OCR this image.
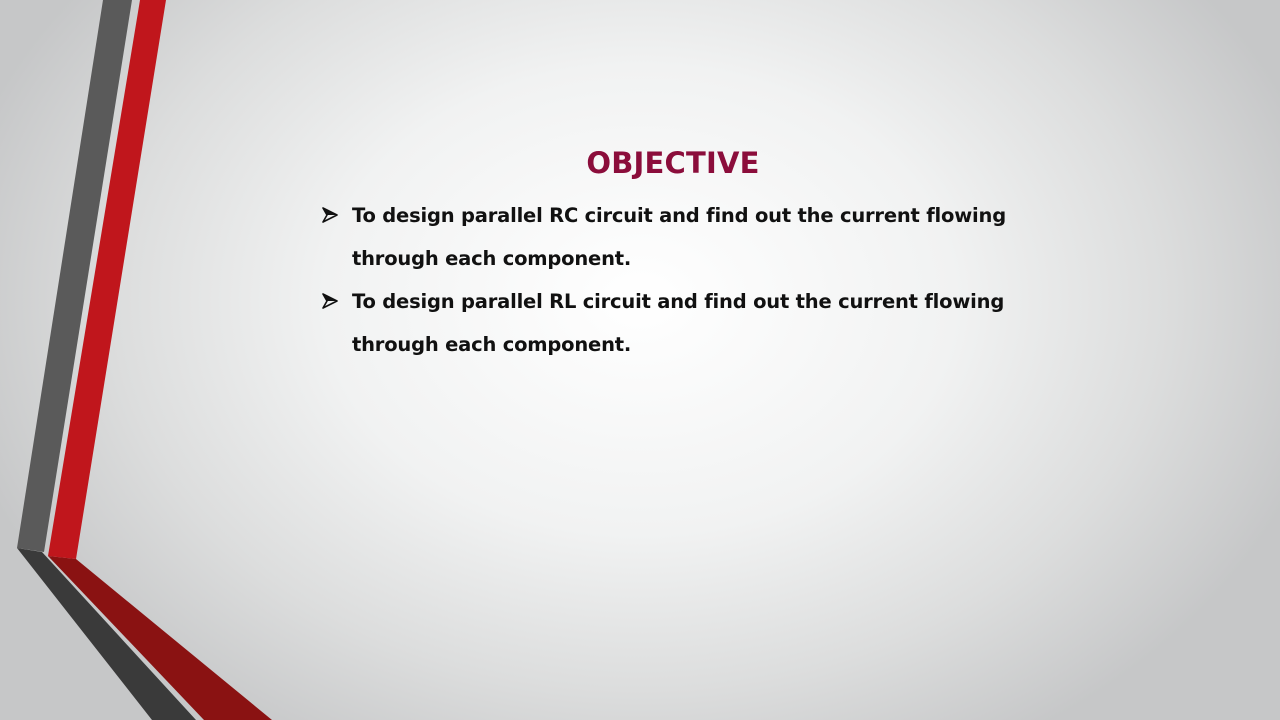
OBJECTIVE
To design parallel RC circuit and find out the current flowing through each component.
To design parallel RL circuit and find out the current flowing through each component.
